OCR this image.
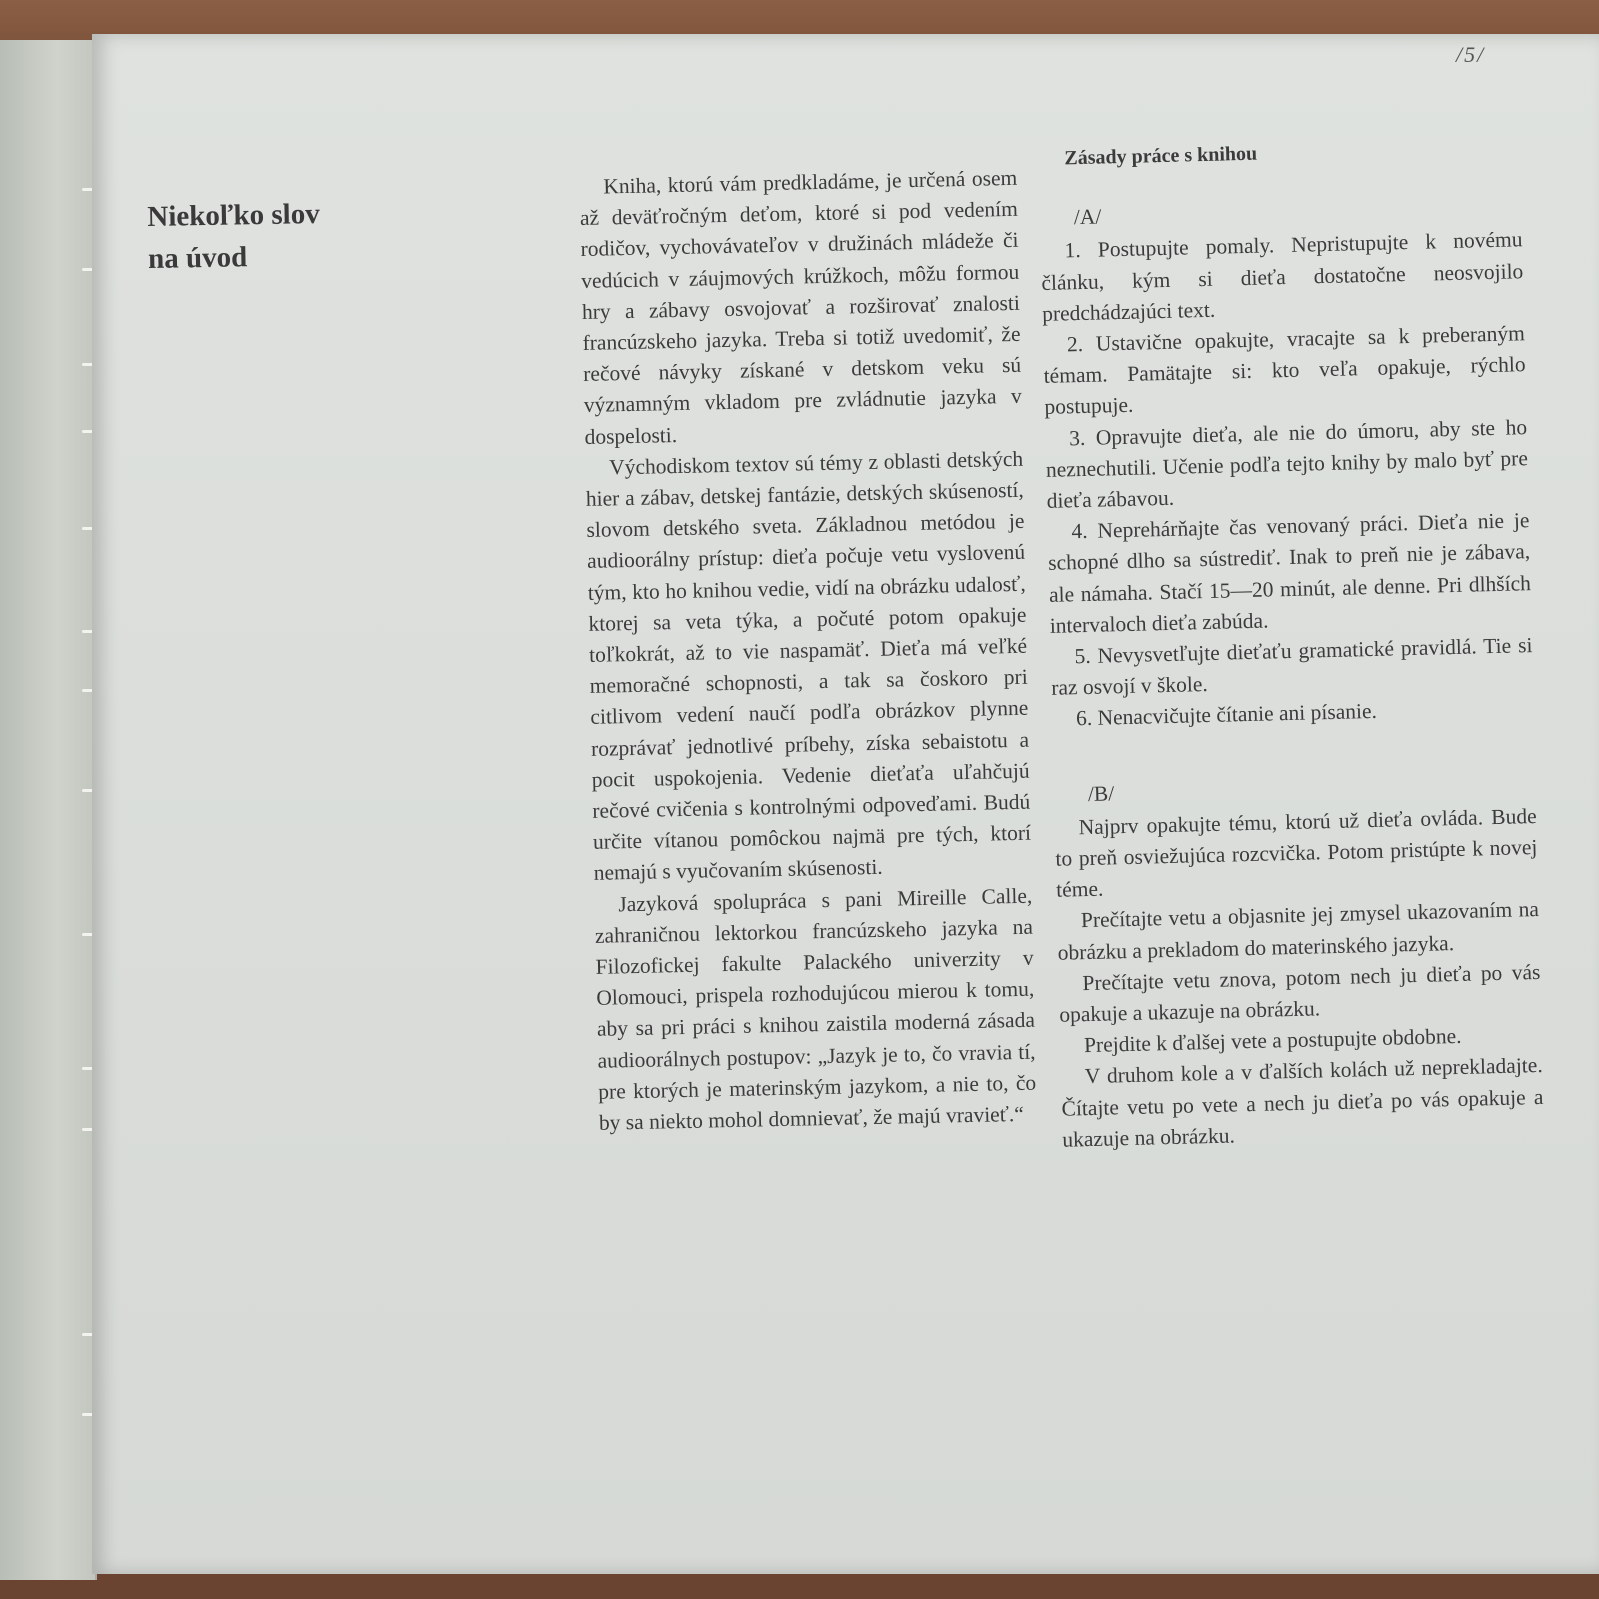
/5/
Niekoľko slov
na úvod

Kniha, ktorú vám predkladáme, je určená osem až deväťročným deťom, ktoré si pod vedením rodičov, vychovávateľov v družinách mládeže či vedúcich v záujmových krúžkoch, môžu formou hry a zábavy osvojovať a rozširovať znalosti francúzskeho jazyka. Treba si totiž uvedomiť, že rečové návyky získané v detskom veku sú významným vkladom pre zvládnutie jazyka v dospelosti.

Východiskom textov sú témy z oblasti detských hier a zábav, detskej fantázie, detských skúseností, slovom detského sveta. Základnou metódou je audioorálny prístup: dieťa počuje vetu vyslovenú tým, kto ho knihou vedie, vidí na obrázku udalosť, ktorej sa veta týka, a počuté potom opakuje toľkokrát, až to vie naspamäť. Dieťa má veľké memoračné schopnosti, a tak sa čoskoro pri citlivom vedení naučí podľa obrázkov plynne rozprávať jednotlivé príbehy, získa sebaistotu a pocit uspokojenia. Vedenie dieťaťa uľahčujú rečové cvičenia s kontrolnými odpoveďami. Budú určite vítanou pomôckou najmä pre tých, ktorí nemajú s vyučovaním skúsenosti.

Jazyková spolupráca s pani Mireille Calle, zahraničnou lektorkou francúzskeho jazyka na Filozofickej fakulte Palackého univerzity v Olomouci, prispela rozhodujúcou mierou k tomu, aby sa pri práci s knihou zaistila moderná zásada audioorálnych postupov: „Jazyk je to, čo vravia tí, pre ktorých je materinským jazykom, a nie to, čo by sa niekto mohol domnievať, že majú vravieť.“

Zásady práce s knihou
/A/

1. Postupujte pomaly. Nepristupujte k novému článku, kým si dieťa dostatočne neosvojilo predchádzajúci text.

2. Ustavične opakujte, vracajte sa k preberaným témam. Pamätajte si: kto veľa opakuje, rýchlo postupuje.

3. Opravujte dieťa, ale nie do úmoru, aby ste ho neznechutili. Učenie podľa tejto knihy by malo byť pre dieťa zábavou.

4. Neprehárňajte čas venovaný práci. Dieťa nie je schopné dlho sa sústrediť. Inak to preň nie je zábava, ale námaha. Stačí 15—20 minút, ale denne. Pri dlhších intervaloch dieťa zabúda.

5. Nevysvetľujte dieťaťu gramatické pravidlá. Tie si raz osvojí v škole.

6. Nenacvičujte čítanie ani písanie.

/B/

Najprv opakujte tému, ktorú už dieťa ovláda. Bude to preň osviežujúca rozcvička. Potom pristúpte k novej téme.

Prečítajte vetu a objasnite jej zmysel ukazovaním na obrázku a prekladom do materinského jazyka.

Prečítajte vetu znova, potom nech ju dieťa po vás opakuje a ukazuje na obrázku.

Prejdite k ďalšej vete a postupujte obdobne.

V druhom kole a v ďalších kolách už neprekladajte. Čítajte vetu po vete a nech ju dieťa po vás opakuje a ukazuje na obrázku.
